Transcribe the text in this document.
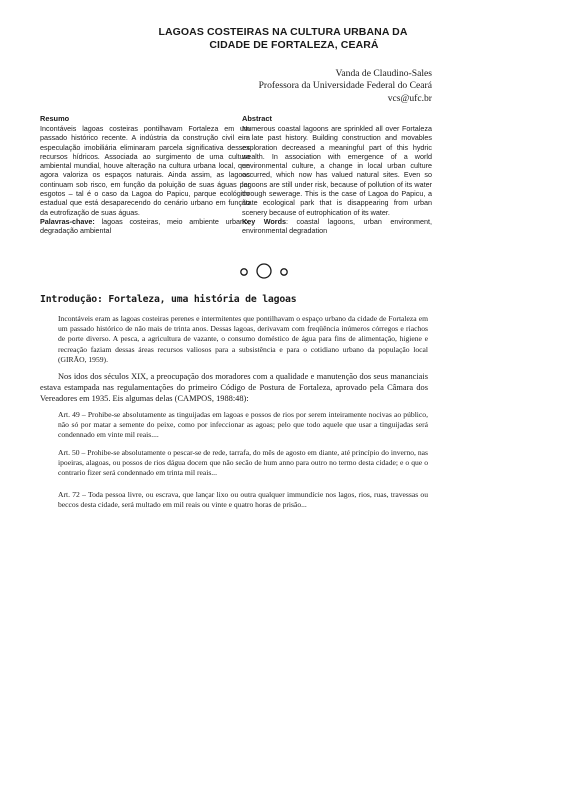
LAGOAS COSTEIRAS NA CULTURA URBANA DA
CIDADE DE FORTALEZA, CEARÁ
Vanda de Claudino-Sales
Professora da Universidade Federal do Ceará
vcs@ufc.br
Resumo

Incontáveis lagoas costeiras pontilhavam Fortaleza em um passado histórico recente. A indústria da construção civil e a especulação imobiliária eliminaram parcela significativa desses recursos hídricos. Associada ao surgimento de uma cultura ambiental mundial, houve alteração na cultura urbana local, que agora valoriza os espaços naturais. Ainda assim, as lagoas continuam sob risco, em função da poluição de suas águas por esgotos – tal é o caso da Lagoa do Papicu, parque ecológico estadual que está desaparecendo do cenário urbano em função da eutrofização de suas águas.

Palavras-chave: lagoas costeiras, meio ambiente urbano, degradação ambiental

Abstract

Numerous coastal lagoons are sprinkled all over Fortaleza in late past history. Building construction and movables exploration decreased a meaningful part of this hydric wealth. In association with emergence of a world environmental culture, a change in local urban culture occurred, which now has valued natural sites. Even so lagoons are still under risk, because of pollution of its water through sewerage. This is the case of Lagoa do Papicu, a state ecological park that is disappearing from urban scenery because of eutrophication of its water.

Key Words: coastal lagoons, urban environment, environmental degradation

Introdução: Fortaleza, uma história de lagoas

Incontáveis eram as lagoas costeiras perenes e intermitentes que pontilhavam o espaço urbano da cidade de Fortaleza em um passado histórico de não mais de trinta anos. Dessas lagoas, derivavam com freqüência inúmeros córregos e riachos de porte diverso. A pesca, a agricultura de vazante, o consumo doméstico de água para fins de alimentação, higiene e recreação faziam dessas áreas recursos valiosos para a subsistência e para o cotidiano urbano da população local (GIRÃO, 1959).

Nos idos dos séculos XIX, a preocupação dos moradores com a qualidade e manutenção dos seus mananciais estava estampada nas regulamentações do primeiro Código de Postura de Fortaleza, aprovado pela Câmara dos Vereadores em 1935. Eis algumas delas (CAMPOS, 1988:48):

Art. 49 – Prohibe-se absolutamente as tinguijadas em lagoas e possos de rios por serem inteiramente nocivas ao público, não só por matar a semente do peixe, como por infeccionar as agoas; pelo que todo aquele que usar a tinguijadas será condennado em vinte mil reais....

Art. 50 – Prohibe-se absolutamente o pescar-se de rede, tarrafa, do mês de agosto em diante, até princípio do inverno, nas ipoeiras, alagoas, ou possos de rios dágua docem que não secão de hum anno para outro no termo desta cidade; e o que o contrario fizer será condennado em trinta mil reais...

Art. 72 – Toda pessoa livre, ou escrava, que lançar lixo ou outra qualquer immundície nos lagos, rios, ruas, travessas ou beccos desta cidade, será multado em mil reais ou vinte e quatro horas de prisão...
